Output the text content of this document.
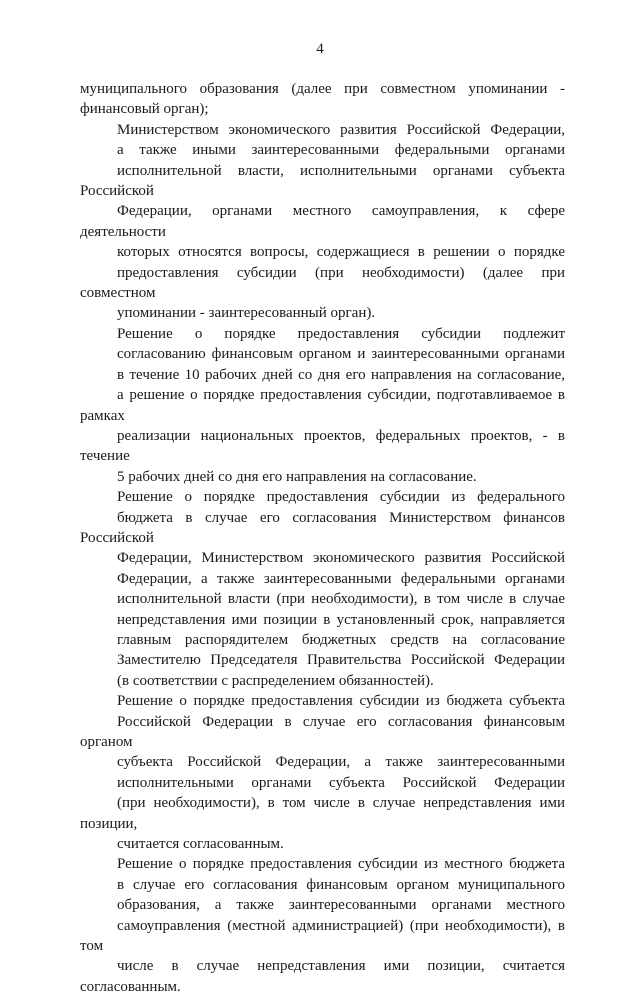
4

муниципального образования (далее при совместном упоминании -
финансовый орган);

Министерством экономического развития Российской Федерации,
а также иными заинтересованными федеральными органами
исполнительной власти, исполнительными органами субъекта Российской
Федерации, органами местного самоуправления, к сфере деятельности
которых относятся вопросы, содержащиеся в решении о порядке
предоставления субсидии (при необходимости) (далее при совместном
упоминании - заинтересованный орган).

Решение о порядке предоставления субсидии подлежит
согласованию финансовым органом и заинтересованными органами
в течение 10 рабочих дней со дня его направления на согласование,
а решение о порядке предоставления субсидии, подготавливаемое в рамках
реализации национальных проектов, федеральных проектов, - в течение
5 рабочих дней со дня его направления на согласование.

Решение о порядке предоставления субсидии из федерального
бюджета в случае его согласования Министерством финансов Российской
Федерации, Министерством экономического развития Российской
Федерации, а также заинтересованными федеральными органами
исполнительной власти (при необходимости), в том числе в случае
непредставления ими позиции в установленный срок, направляется
главным распорядителем бюджетных средств на согласование
Заместителю Председателя Правительства Российской Федерации
(в соответствии с распределением обязанностей).

Решение о порядке предоставления субсидии из бюджета субъекта
Российской Федерации в случае его согласования финансовым органом
субъекта Российской Федерации, а также заинтересованными
исполнительными органами субъекта Российской Федерации
(при необходимости), в том числе в случае непредставления ими позиции,
считается согласованным.

Решение о порядке предоставления субсидии из местного бюджета
в случае его согласования финансовым органом муниципального
образования, а также заинтересованными органами местного
самоуправления (местной администрацией) (при необходимости), в том
числе в случае непредставления ими позиции, считается согласованным.
